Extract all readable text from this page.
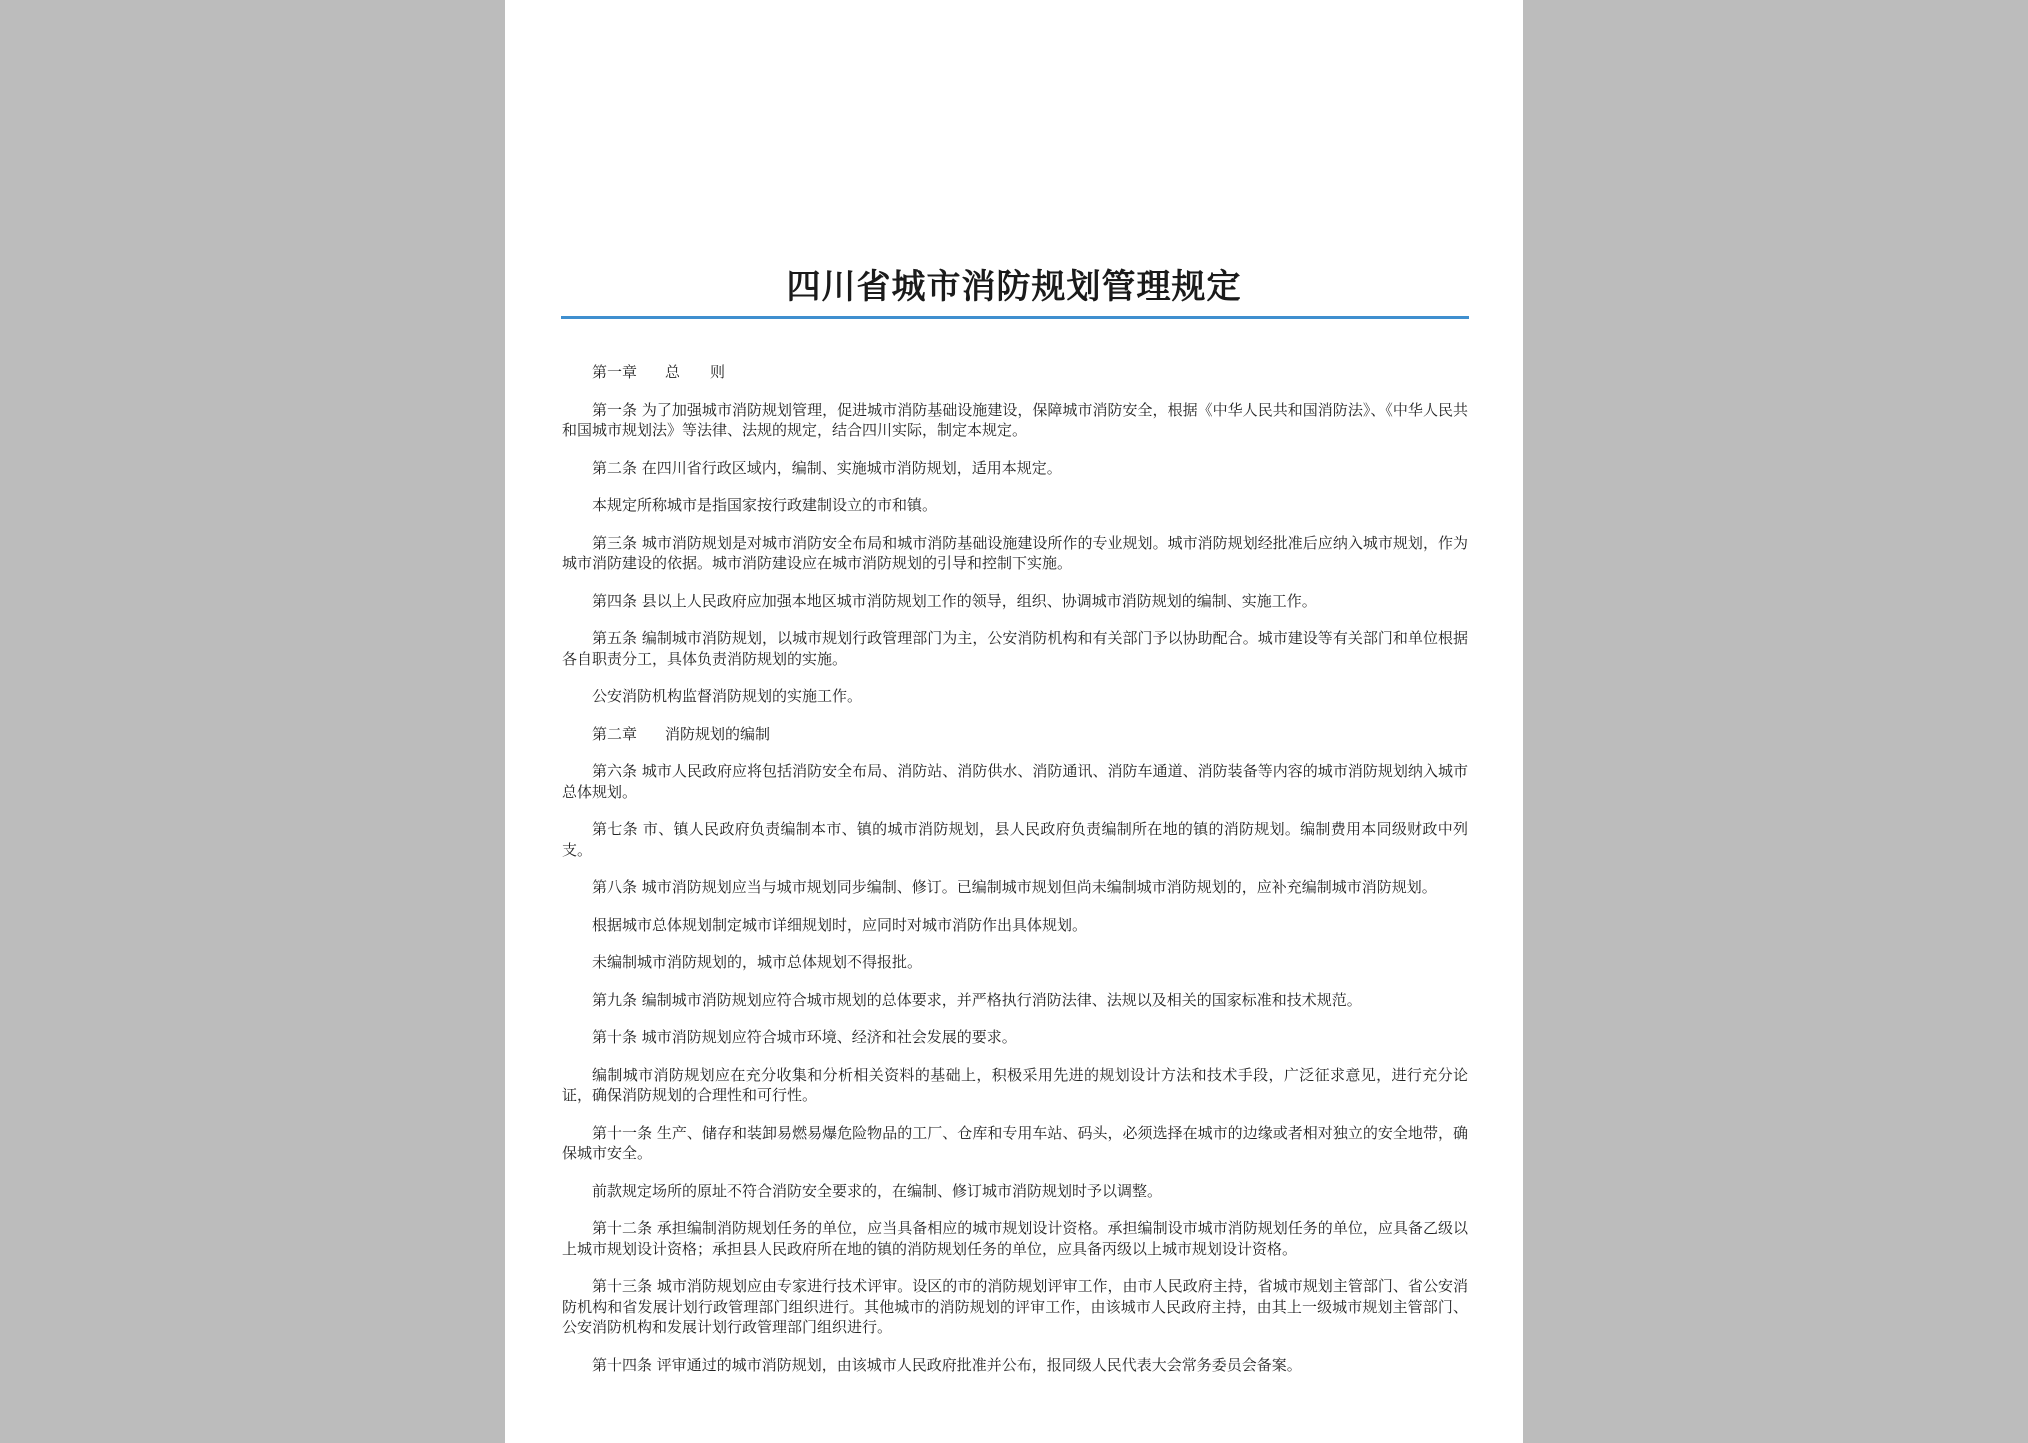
四川省城市消防规划管理规定
第一章 总　　则

第一条 为了加强城市消防规划管理，促进城市消防基础设施建设，保障城市消防安全，根据《中华人民共和国消防法》、《中华人民共和国城市规划法》等法律、法规的规定，结合四川实际，制定本规定。

第二条 在四川省行政区域内，编制、实施城市消防规划，适用本规定。

本规定所称城市是指国家按行政建制设立的市和镇。

第三条 城市消防规划是对城市消防安全布局和城市消防基础设施建设所作的专业规划。城市消防规划经批准后应纳入城市规划，作为城市消防建设的依据。城市消防建设应在城市消防规划的引导和控制下实施。

第四条 县以上人民政府应加强本地区城市消防规划工作的领导，组织、协调城市消防规划的编制、实施工作。

第五条 编制城市消防规划，以城市规划行政管理部门为主，公安消防机构和有关部门予以协助配合。城市建设等有关部门和单位根据各自职责分工，具体负责消防规划的实施。

公安消防机构监督消防规划的实施工作。

第二章 消防规划的编制

第六条 城市人民政府应将包括消防安全布局、消防站、消防供水、消防通讯、消防车通道、消防装备等内容的城市消防规划纳入城市总体规划。

第七条 市、镇人民政府负责编制本市、镇的城市消防规划，县人民政府负责编制所在地的镇的消防规划。编制费用本同级财政中列支。

第八条 城市消防规划应当与城市规划同步编制、修订。已编制城市规划但尚未编制城市消防规划的，应补充编制城市消防规划。

根据城市总体规划制定城市详细规划时，应同时对城市消防作出具体规划。

未编制城市消防规划的，城市总体规划不得报批。

第九条 编制城市消防规划应符合城市规划的总体要求，并严格执行消防法律、法规以及相关的国家标准和技术规范。

第十条 城市消防规划应符合城市环境、经济和社会发展的要求。

编制城市消防规划应在充分收集和分析相关资料的基础上，积极采用先进的规划设计方法和技术手段，广泛征求意见，进行充分论证，确保消防规划的合理性和可行性。

第十一条 生产、储存和装卸易燃易爆危险物品的工厂、仓库和专用车站、码头，必须选择在城市的边缘或者相对独立的安全地带，确保城市安全。

前款规定场所的原址不符合消防安全要求的，在编制、修订城市消防规划时予以调整。

第十二条 承担编制消防规划任务的单位，应当具备相应的城市规划设计资格。承担编制设市城市消防规划任务的单位，应具备乙级以上城市规划设计资格；承担县人民政府所在地的镇的消防规划任务的单位，应具备丙级以上城市规划设计资格。

第十三条 城市消防规划应由专家进行技术评审。设区的市的消防规划评审工作，由市人民政府主持，省城市规划主管部门、省公安消防机构和省发展计划行政管理部门组织进行。其他城市的消防规划的评审工作，由该城市人民政府主持，由其上一级城市规划主管部门、公安消防机构和发展计划行政管理部门组织进行。

第十四条 评审通过的城市消防规划，由该城市人民政府批准并公布，报同级人民代表大会常务委员会备案。
